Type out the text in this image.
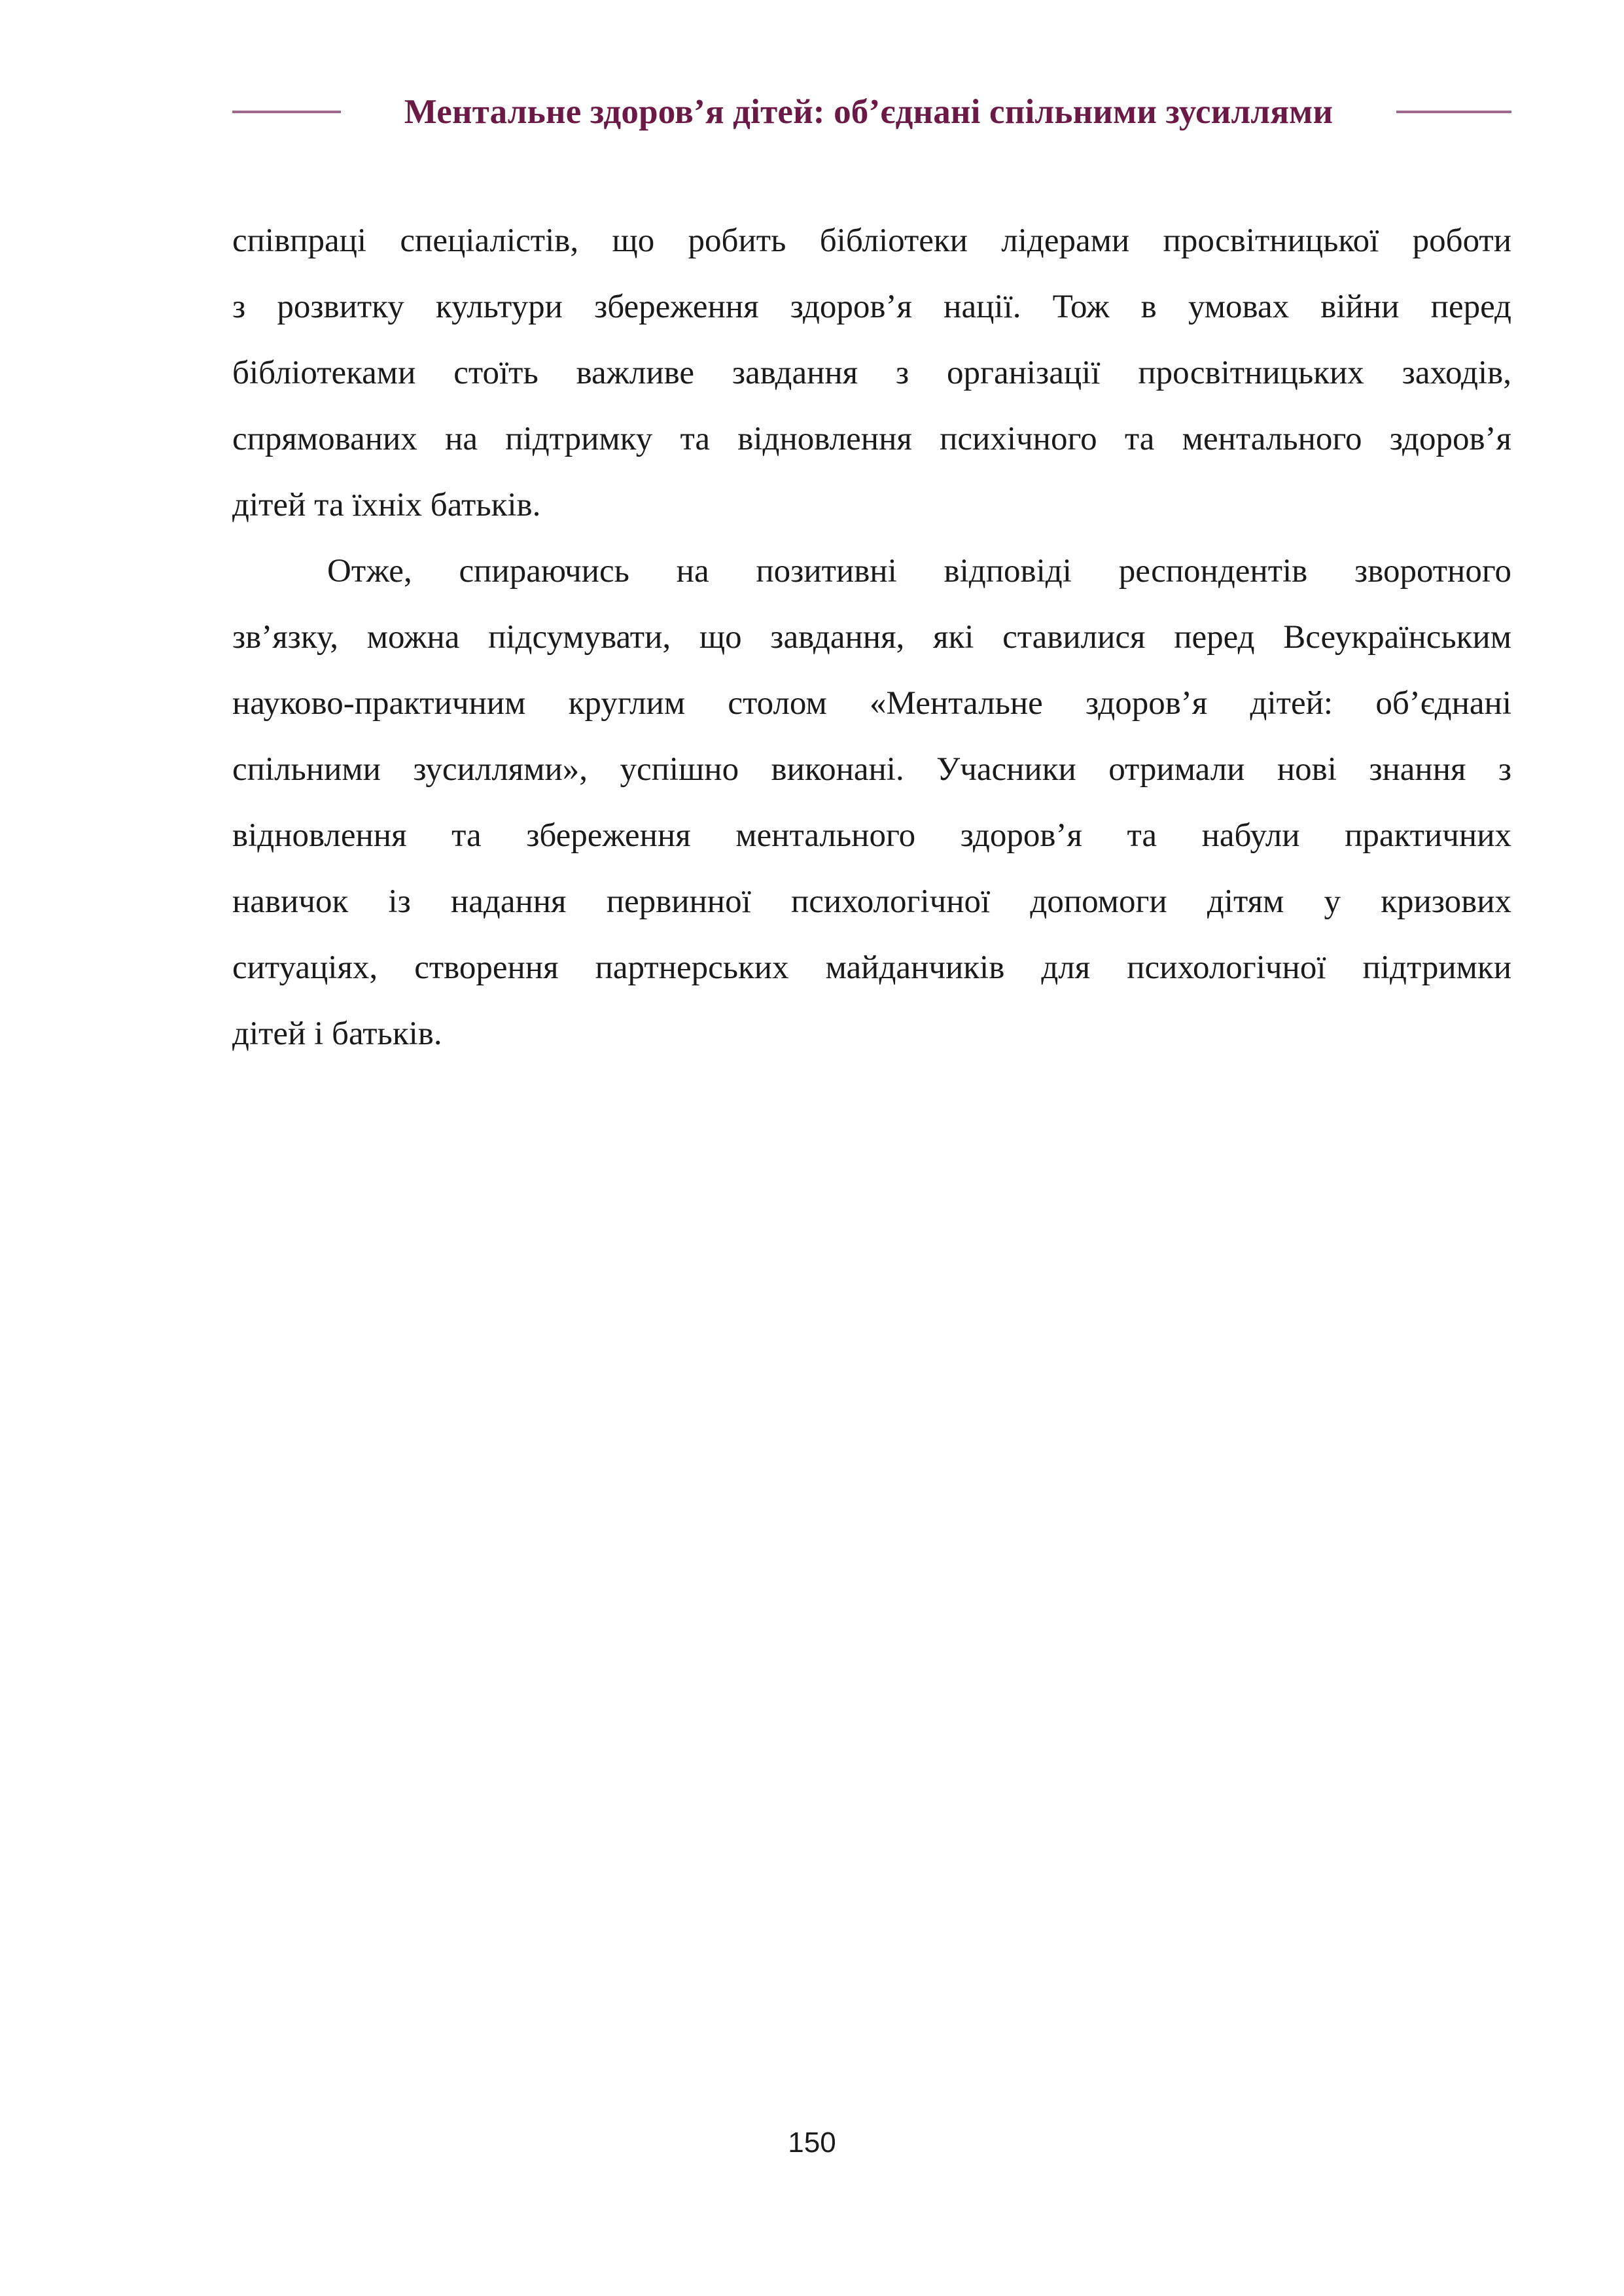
Ментальне здоров’я дітей: об’єднані спільними зусиллями
співпраці спеціалістів, що робить бібліотеки лідерами просвітницької роботи
з розвитку культури збереження здоров’я нації. Тож в умовах війни перед
бібліотеками стоїть важливе завдання з організації просвітницьких заходів,
спрямованих на підтримку та відновлення психічного та ментального здоров’я
дітей та їхніх батьків.
Отже, спираючись на позитивні відповіді респондентів зворотного
зв’язку, можна підсумувати, що завдання, які ставилися перед Всеукраїнським
науково-практичним круглим столом «Ментальне здоров’я дітей: об’єднані
спільними зусиллями», успішно виконані. Учасники отримали нові знання з
відновлення та збереження ментального здоров’я та набули практичних
навичок із надання первинної психологічної допомоги дітям у кризових
ситуаціях, створення партнерських майданчиків для психологічної підтримки
дітей і батьків.
150
